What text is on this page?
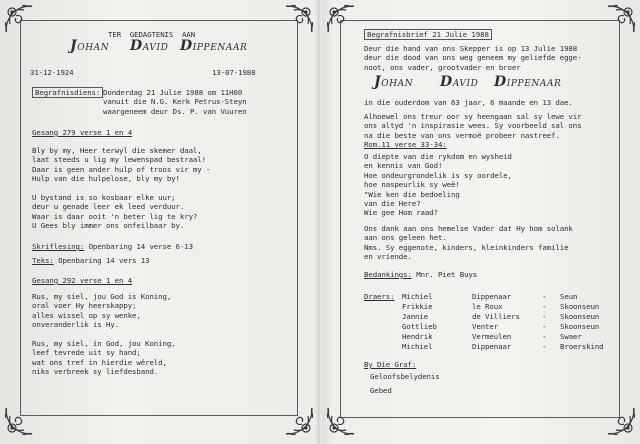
TER  GEDAGTENIS  AAN
JOHAN DAVID DIPPENAAR
31-12-1924	13-07-1988
Begrafnisdiens: Donderdag 21 Julie 1988 om 11H00
vanuit die N.G. Kerk Petrus-Steyn
waargeneem deur Ds. P. van Vuuren
Gesang 279 verse 1 en 4
Bly by my, Heer terwyl die skemer daal,
laat steeds u lig my lewenspad bestraal!
Daar is geen ander hulp of troos vir my -
Hulp van die hulpelose, bly my by!

U bystand is so kosbaar elke uur;
deur u genade leer ek leed verduur.
Waar is daar ooit 'n beter lig te kry?
U Gees bly immer ons onfeilbaar by.
Skriflesing: Openbaring 14 verse 6-13
Teks: Openbaring 14 vers 13
Gesang 292 verse 1 en 4
Rus, my siel, jou God is Koning,
oral voer Hy heerskappy;
alles wissel op sy wenke,
onveranderlik is Hy.

Rus, my siel, in God, jou Koning,
leef tevrede uit sy hand;
wat ons tref in hierdie wêreld,
niks verbreek sy liefdesband.
Begrafnisbrief 21 Julie 1988
Deur die hand van ons Skepper is op 13 Julie 1988
deur die dood van ons weg geneem my geliefde egge-
noot, ons vader, grootvader en broer
JOHAN DAVID DIPPENAAR
in die ouderdom van 63 jaar, 6 maande en 13 dae.
Alhoewel ons treur oor sy heengaan sal sy lewe vir
ons altyd 'n inspirasie wees. Sy voorbeeld sal ons
na die beste van ons vermoë probeer nastreef.
Rom.11 verse 33-34:
O diepte van die rykdom en wysheid
en kennis van God!
Hoe ondeurgrondelik is sy oordele,
hoe naspeurlik sy weë!
"Wie ken die bedoeling
van die Here?
Wie gee Hom raad?
Ons dank aan ons hemelse Vader dat Hy hom solank
aan ons geleen het.
Nms. Sy eggenote, kinders, kleinkinders familie
en vriende.
Bedankings: Mnr. Piet Buys
Draers: Michiel	Dippenaar	- Seun
Frikkie	le Roux	- Skoonseun
Jannie	de Villiers	- Skoonseun
Gottlieb	Venter	- Skoonseun
Hendrik	Vermeulen	- Swaer
Michiel	Dippenaar	- Broerskind
By Die Graf:
Geloofsbelydenis
Gebed
